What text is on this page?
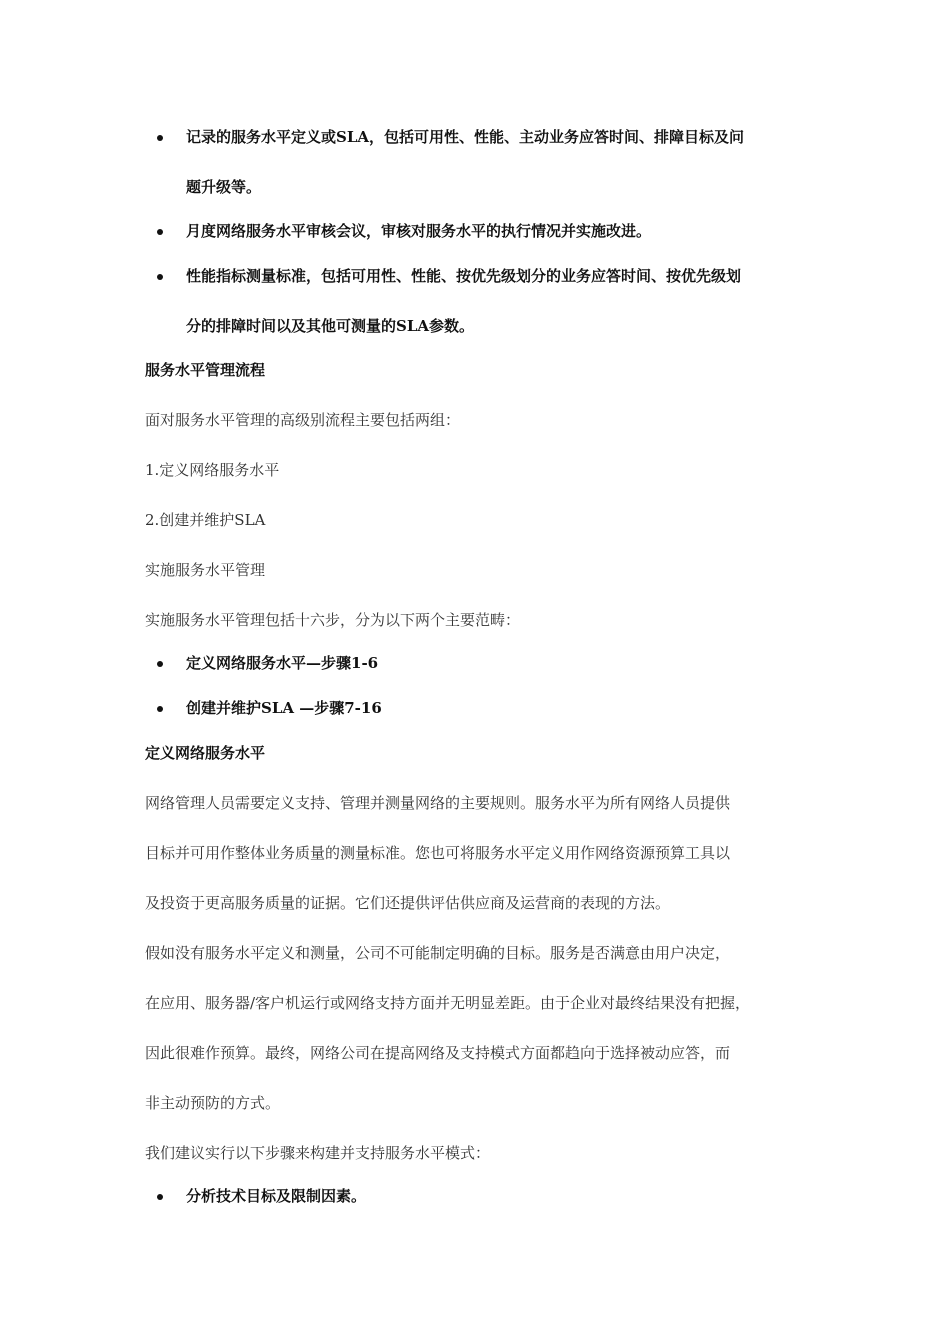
记录的服务水平定义或SLA，包括可用性、性能、主动业务应答时间、排障目标及问
题升级等。
月度网络服务水平审核会议，审核对服务水平的执行情况并实施改进。
性能指标测量标准，包括可用性、性能、按优先级划分的业务应答时间、按优先级划
分的排障时间以及其他可测量的SLA参数。
服务水平管理流程
面对服务水平管理的高级别流程主要包括两组：
1.定义网络服务水平
2.创建并维护SLA
实施服务水平管理
实施服务水平管理包括十六步，分为以下两个主要范畴：
定义网络服务水平—步骤1-6
创建并维护SLA —步骤7-16
定义网络服务水平
网络管理人员需要定义支持、管理并测量网络的主要规则。服务水平为所有网络人员提供
目标并可用作整体业务质量的测量标准。您也可将服务水平定义用作网络资源预算工具以
及投资于更高服务质量的证据。它们还提供评估供应商及运营商的表现的方法。
假如没有服务水平定义和测量，公司不可能制定明确的目标。服务是否满意由用户决定，
在应用、服务器/客户机运行或网络支持方面并无明显差距。由于企业对最终结果没有把握，
因此很难作预算。最终，网络公司在提高网络及支持模式方面都趋向于选择被动应答，而
非主动预防的方式。
我们建议实行以下步骤来构建并支持服务水平模式：
分析技术目标及限制因素。
